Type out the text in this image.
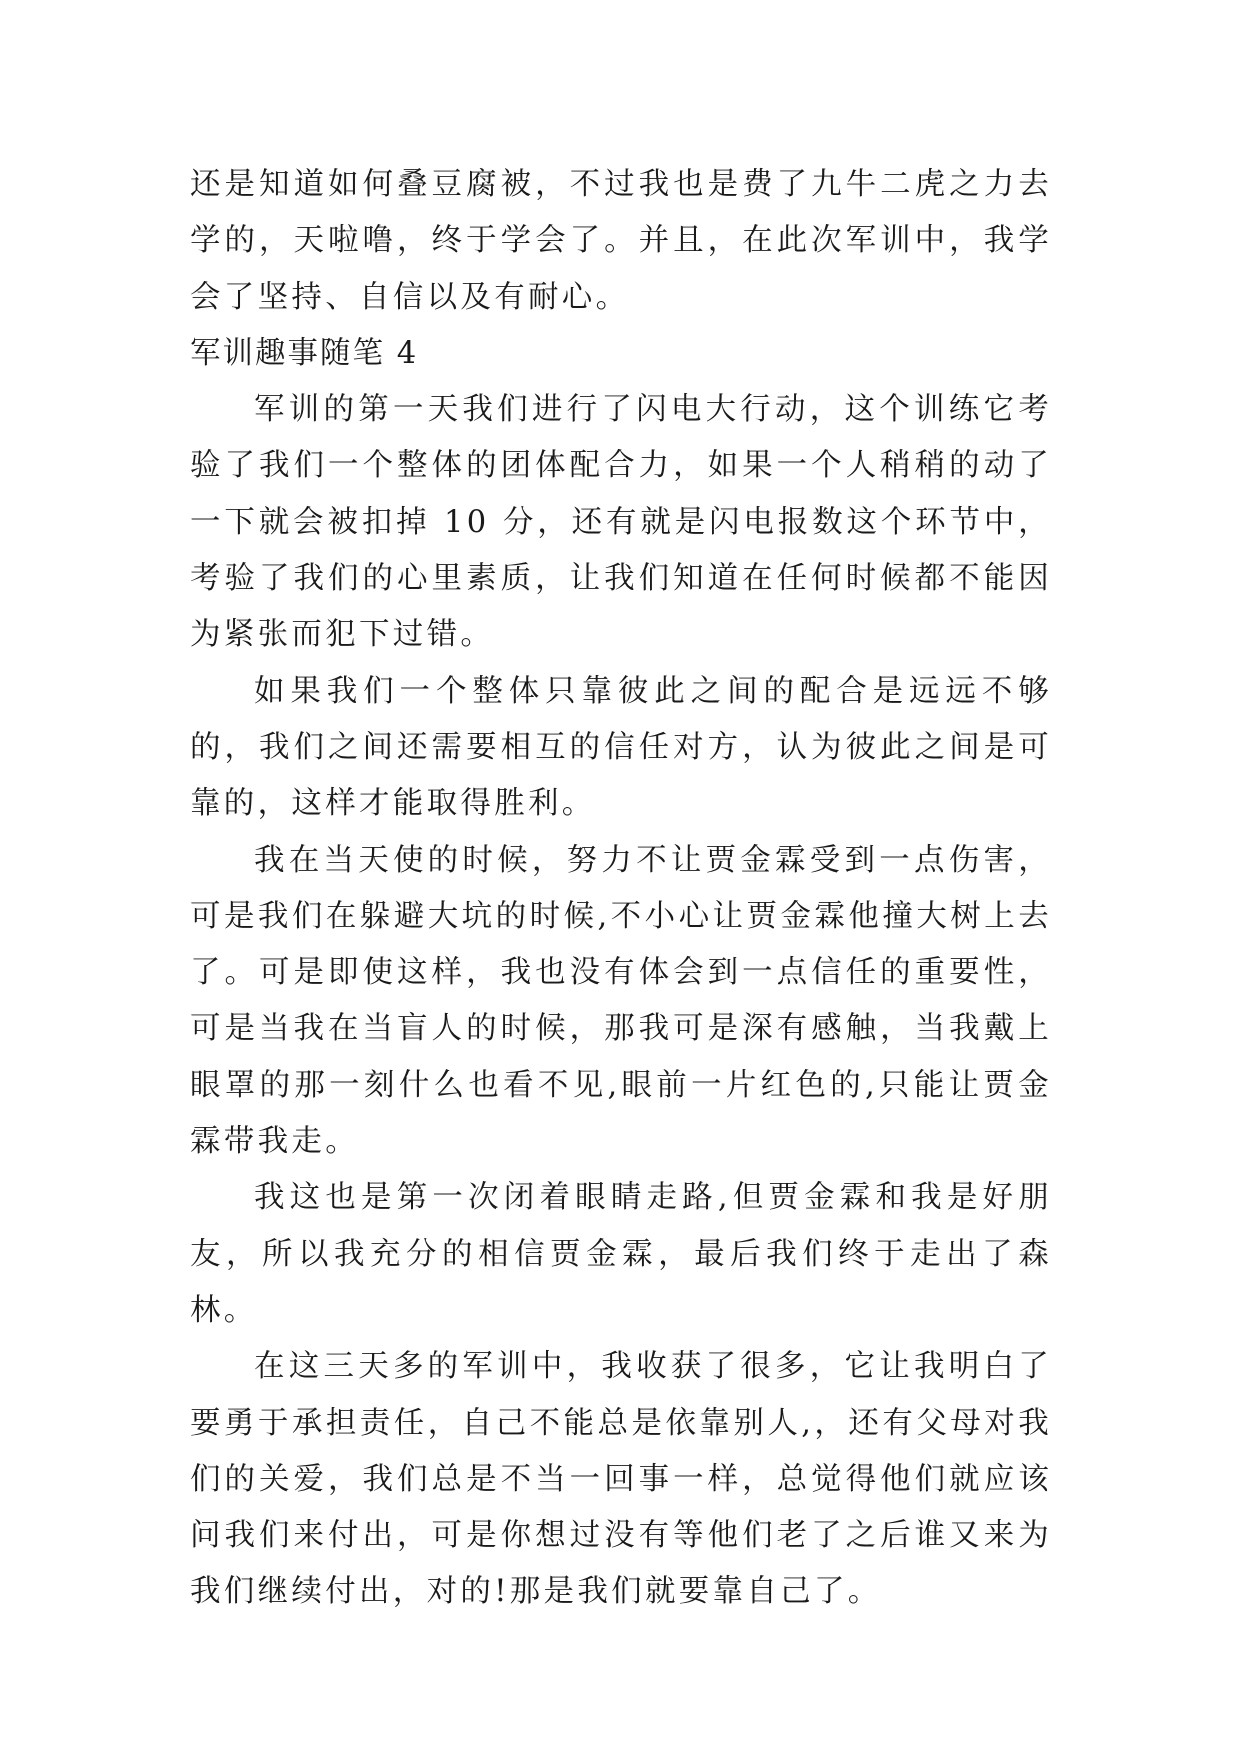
还是知道如何叠豆腐被，不过我也是费了九牛二虎之力去学的，天啦噜，终于学会了。并且，在此次军训中，我学会了坚持、自信以及有耐心。

军训趣事随笔 4

军训的第一天我们进行了闪电大行动，这个训练它考验了我们一个整体的团体配合力，如果一个人稍稍的动了一下就会被扣掉 10 分，还有就是闪电报数这个环节中，考验了我们的心里素质，让我们知道在任何时候都不能因为紧张而犯下过错。

如果我们一个整体只靠彼此之间的配合是远远不够的，我们之间还需要相互的信任对方，认为彼此之间是可靠的，这样才能取得胜利。

我在当天使的时候，努力不让贾金霖受到一点伤害，可是我们在躲避大坑的时候,不小心让贾金霖他撞大树上去了。可是即使这样，我也没有体会到一点信任的重要性，可是当我在当盲人的时候，那我可是深有感触，当我戴上眼罩的那一刻什么也看不见,眼前一片红色的,只能让贾金霖带我走。

我这也是第一次闭着眼睛走路,但贾金霖和我是好朋友，所以我充分的相信贾金霖，最后我们终于走出了森林。

在这三天多的军训中，我收获了很多，它让我明白了要勇于承担责任，自己不能总是依靠别人,，还有父母对我们的关爱，我们总是不当一回事一样，总觉得他们就应该问我们来付出，可是你想过没有等他们老了之后谁又来为我们继续付出，对的!那是我们就要靠自己了。
